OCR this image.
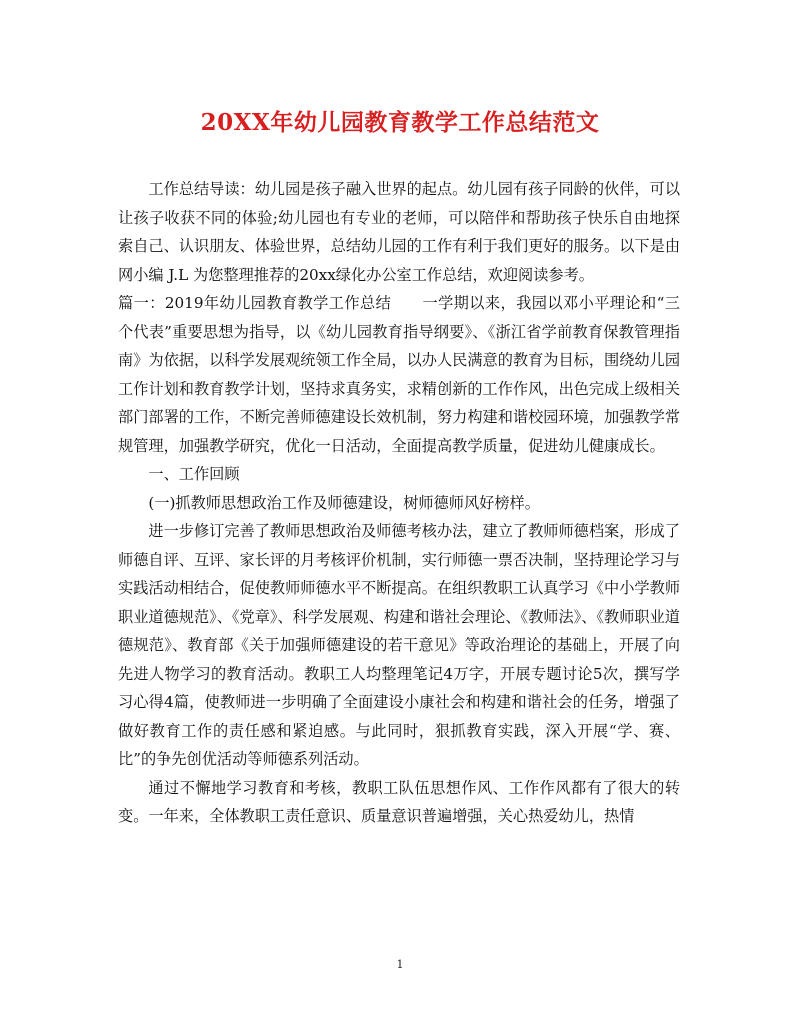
20XX年幼儿园教育教学工作总结范文

工作总结导读：幼儿园是孩子融入世界的起点。幼儿园有孩子同龄的伙伴，可以让孩子收获不同的体验;幼儿园也有专业的老师，可以陪伴和帮助孩子快乐自由地探索自己、认识朋友、体验世界，总结幼儿园的工作有利于我们更好的服务。以下是由网小编 J.L 为您整理推荐的20xx绿化办公室工作总结，欢迎阅读参考。

篇一：2019年幼儿园教育教学工作总结　　一学期以来，我园以邓小平理论和“三个代表”重要思想为指导，以《幼儿园教育指导纲要》、《浙江省学前教育保教管理指南》为依据，以科学发展观统领工作全局，以办人民满意的教育为目标，围绕幼儿园工作计划和教育教学计划，坚持求真务实，求精创新的工作作风，出色完成上级相关部门部署的工作，不断完善师德建设长效机制，努力构建和谐校园环境，加强教学常规管理，加强教学研究，优化一日活动，全面提高教学质量，促进幼儿健康成长。

一、工作回顾

(一)抓教师思想政治工作及师德建设，树师德师风好榜样。

进一步修订完善了教师思想政治及师德考核办法，建立了教师师德档案，形成了师德自评、互评、家长评的月考核评价机制，实行师德一票否决制，坚持理论学习与实践活动相结合，促使教师师德水平不断提高。在组织教职工认真学习《中小学教师职业道德规范》、《党章》、科学发展观、构建和谐社会理论、《教师法》、《教师职业道德规范》、教育部《关于加强师德建设的若干意见》等政治理论的基础上，开展了向先进人物学习的教育活动。教职工人均整理笔记4万字，开展专题讨论5次，撰写学习心得4篇，使教师进一步明确了全面建设小康社会和构建和谐社会的任务，增强了做好教育工作的责任感和紧迫感。与此同时，狠抓教育实践，深入开展“学、赛、比”的争先创优活动等师德系列活动。

通过不懈地学习教育和考核，教职工队伍思想作风、工作作风都有了很大的转变。一年来，全体教职工责任意识、质量意识普遍增强，关心热爱幼儿，热情

1
